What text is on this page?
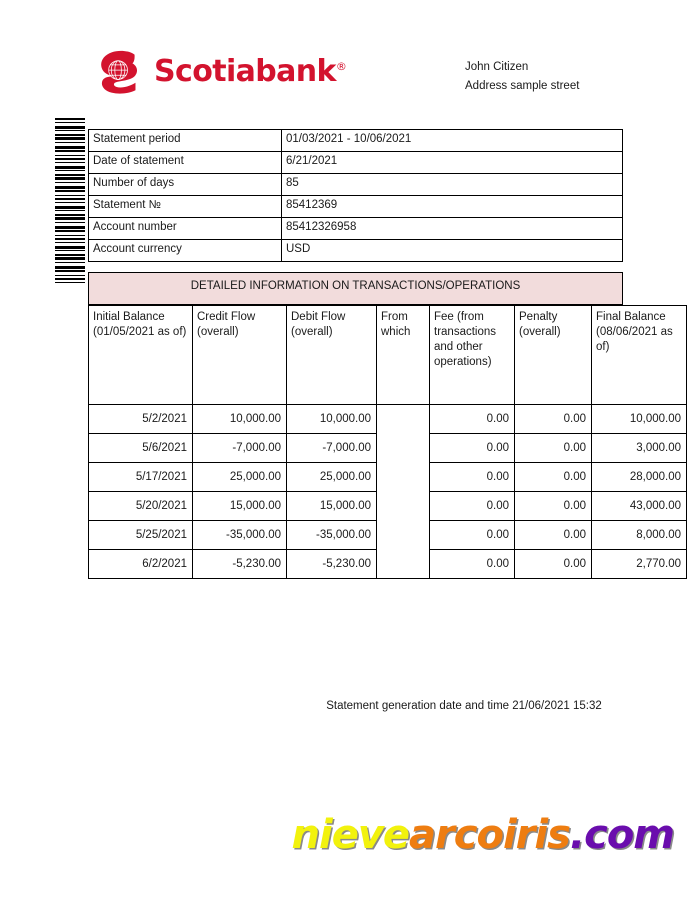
Scotiabank®	John Citizen
Address sample street
Statement period	01/03/2021 - 10/06/2021
Date of statement	6/21/2021
Number of days	85
Statement №	85412369
Account number	85412326958
Account currency	USD
DETAILED INFORMATION ON TRANSACTIONS/OPERATIONS
Initial Balance (01/05/2021 as of)	Credit Flow (overall)	Debit Flow (overall)	From which	Fee (from transactions and other operations)	Penalty (overall)	Final Balance (08/06/2021 as of)
5/2/2021	10,000.00	10,000.00		0.00	0.00	10,000.00
5/6/2021	-7,000.00	-7,000.00		0.00	0.00	3,000.00
5/17/2021	25,000.00	25,000.00		0.00	0.00	28,000.00
5/20/2021	15,000.00	15,000.00		0.00	0.00	43,000.00
5/25/2021	-35,000.00	-35,000.00		0.00	0.00	8,000.00
6/2/2021	-5,230.00	-5,230.00		0.00	0.00	2,770.00
Statement generation date and time 21/06/2021 15:32
nievearcoiris.com
